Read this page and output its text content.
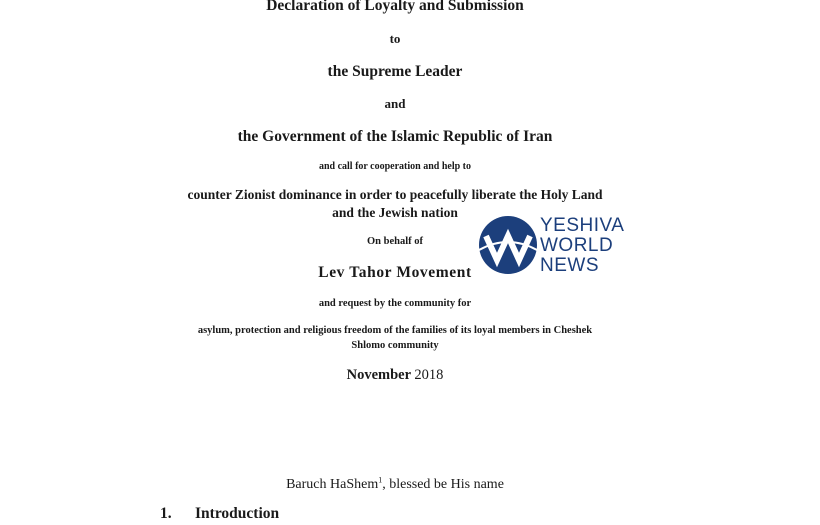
Declaration of Loyalty and Submission
to
the Supreme Leader
and
the Government of the Islamic Republic of Iran
and call for cooperation and help to
counter Zionist dominance in order to peacefully liberate the Holy Land
and the Jewish nation
On behalf of
Lev Tahor Movement
and request by the community for
asylum, protection and religious freedom of the families of its loyal members in Cheshek
Shlomo community
November 2018
Baruch HaShem$^1$, blessed be His name
1. Introduction
YESHIVA
WORLD
NEWS
